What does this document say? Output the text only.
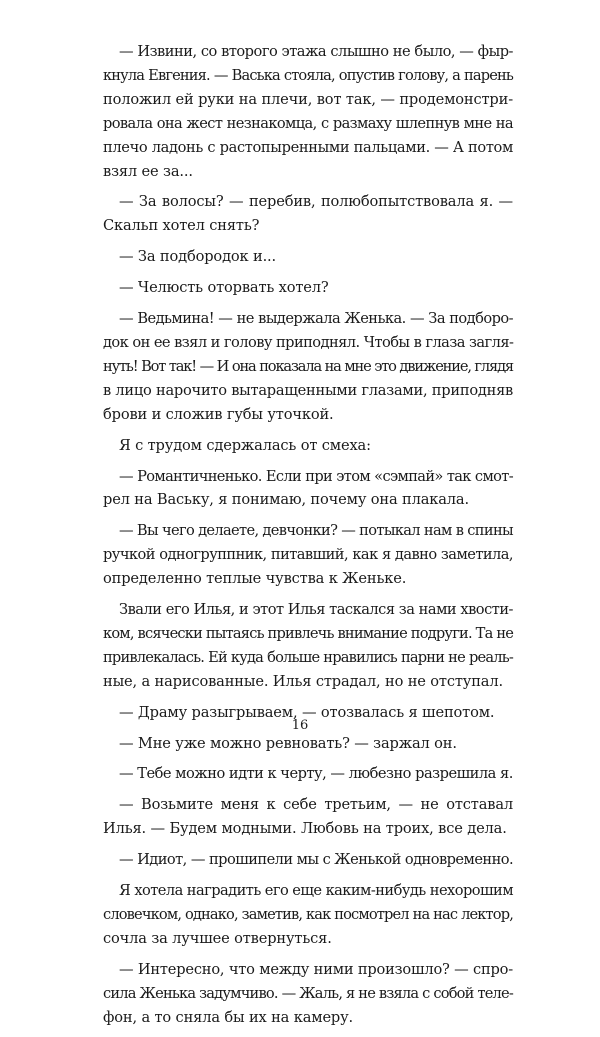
— Извини, со второго этажа слышно не было, — фыр-
кнула Евгения. — Васька стояла, опустив голову, а парень
положил ей руки на плечи, вот так, — продемонстри-
ровала она жест незнакомца, с размаху шлепнув мне на
плечо ладонь с растопыренными пальцами. — А потом
взял ее за...
— За волосы? — перебив, полюбопытствовала я. —
Скальп хотел снять?
— За подбородок и...
— Челюсть оторвать хотел?
— Ведьмина! — не выдержала Женька. — За подборо-
док он ее взял и голову приподнял. Чтобы в глаза загля-
нуть! Вот так! — И она показала на мне это движение, глядя
в лицо нарочито вытаращенными глазами, приподняв
брови и сложив губы уточкой.
Я с трудом сдержалась от смеха:
— Романтичненько. Если при этом «сэмпай» так смот-
рел на Ваську, я понимаю, почему она плакала.
— Вы чего делаете, девчонки? — потыкал нам в спины
ручкой одногруппник, питавший, как я давно заметила,
определенно теплые чувства к Женьке.
Звали его Илья, и этот Илья таскался за нами хвости-
ком, всячески пытаясь привлечь внимание подруги. Та не
привлекалась. Ей куда больше нравились парни не реаль-
ные, а нарисованные. Илья страдал, но не отступал.
— Драму разыгрываем, — отозвалась я шепотом.
— Мне уже можно ревновать? — заржал он.
— Тебе можно идти к черту, — любезно разрешила я.
— Возьмите меня к себе третьим, — не отставал
Илья. — Будем модными. Любовь на троих, все дела.
— Идиот, — прошипели мы с Женькой одновременно.
Я хотела наградить его еще каким-нибудь нехорошим
словечком, однако, заметив, как посмотрел на нас лектор,
сочла за лучшее отвернуться.
— Интересно, что между ними произошло? — спро-
сила Женька задумчиво. — Жаль, я не взяла с собой теле-
фон, а то сняла бы их на камеру.
16
